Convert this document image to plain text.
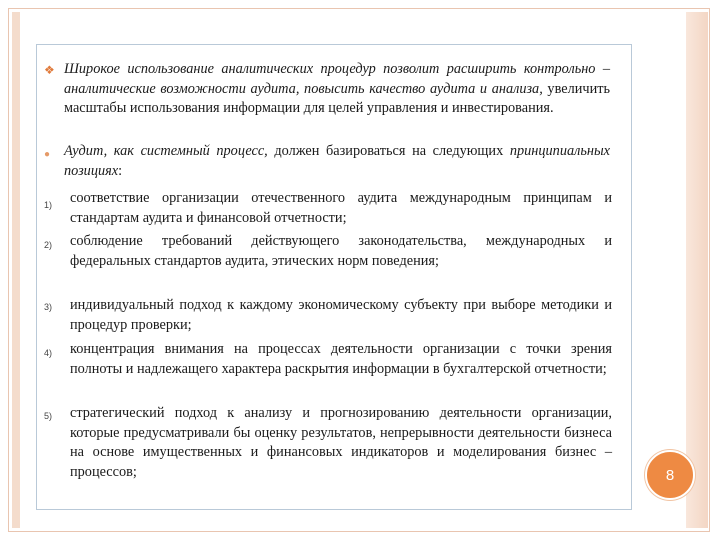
❖ Широкое использование аналитических процедур позволит расширить контрольно – аналитические возможности аудита, повысить качество аудита и анализа, увеличить масштабы использования информации для целей управления и инвестирования.
● Аудит, как системный процесс, должен базироваться на следующих принципиальных позициях:
1) соответствие организации отечественного аудита международным принципам и стандартам аудита и финансовой отчетности;
2) соблюдение требований действующего законодательства, международных и федеральных стандартов аудита, этических норм поведения;
3) индивидуальный подход к каждому экономическому субъекту при выборе методики и процедур проверки;
4) концентрация внимания на процессах деятельности организации с точки зрения полноты и надлежащего характера раскрытия информации в бухгалтерской отчетности;
5) стратегический подход к анализу и прогнозированию деятельности организации, которые предусматривали бы оценку результатов, непрерывности деятельности бизнеса на основе имущественных и финансовых индикаторов и моделирования бизнес – процессов;	8
